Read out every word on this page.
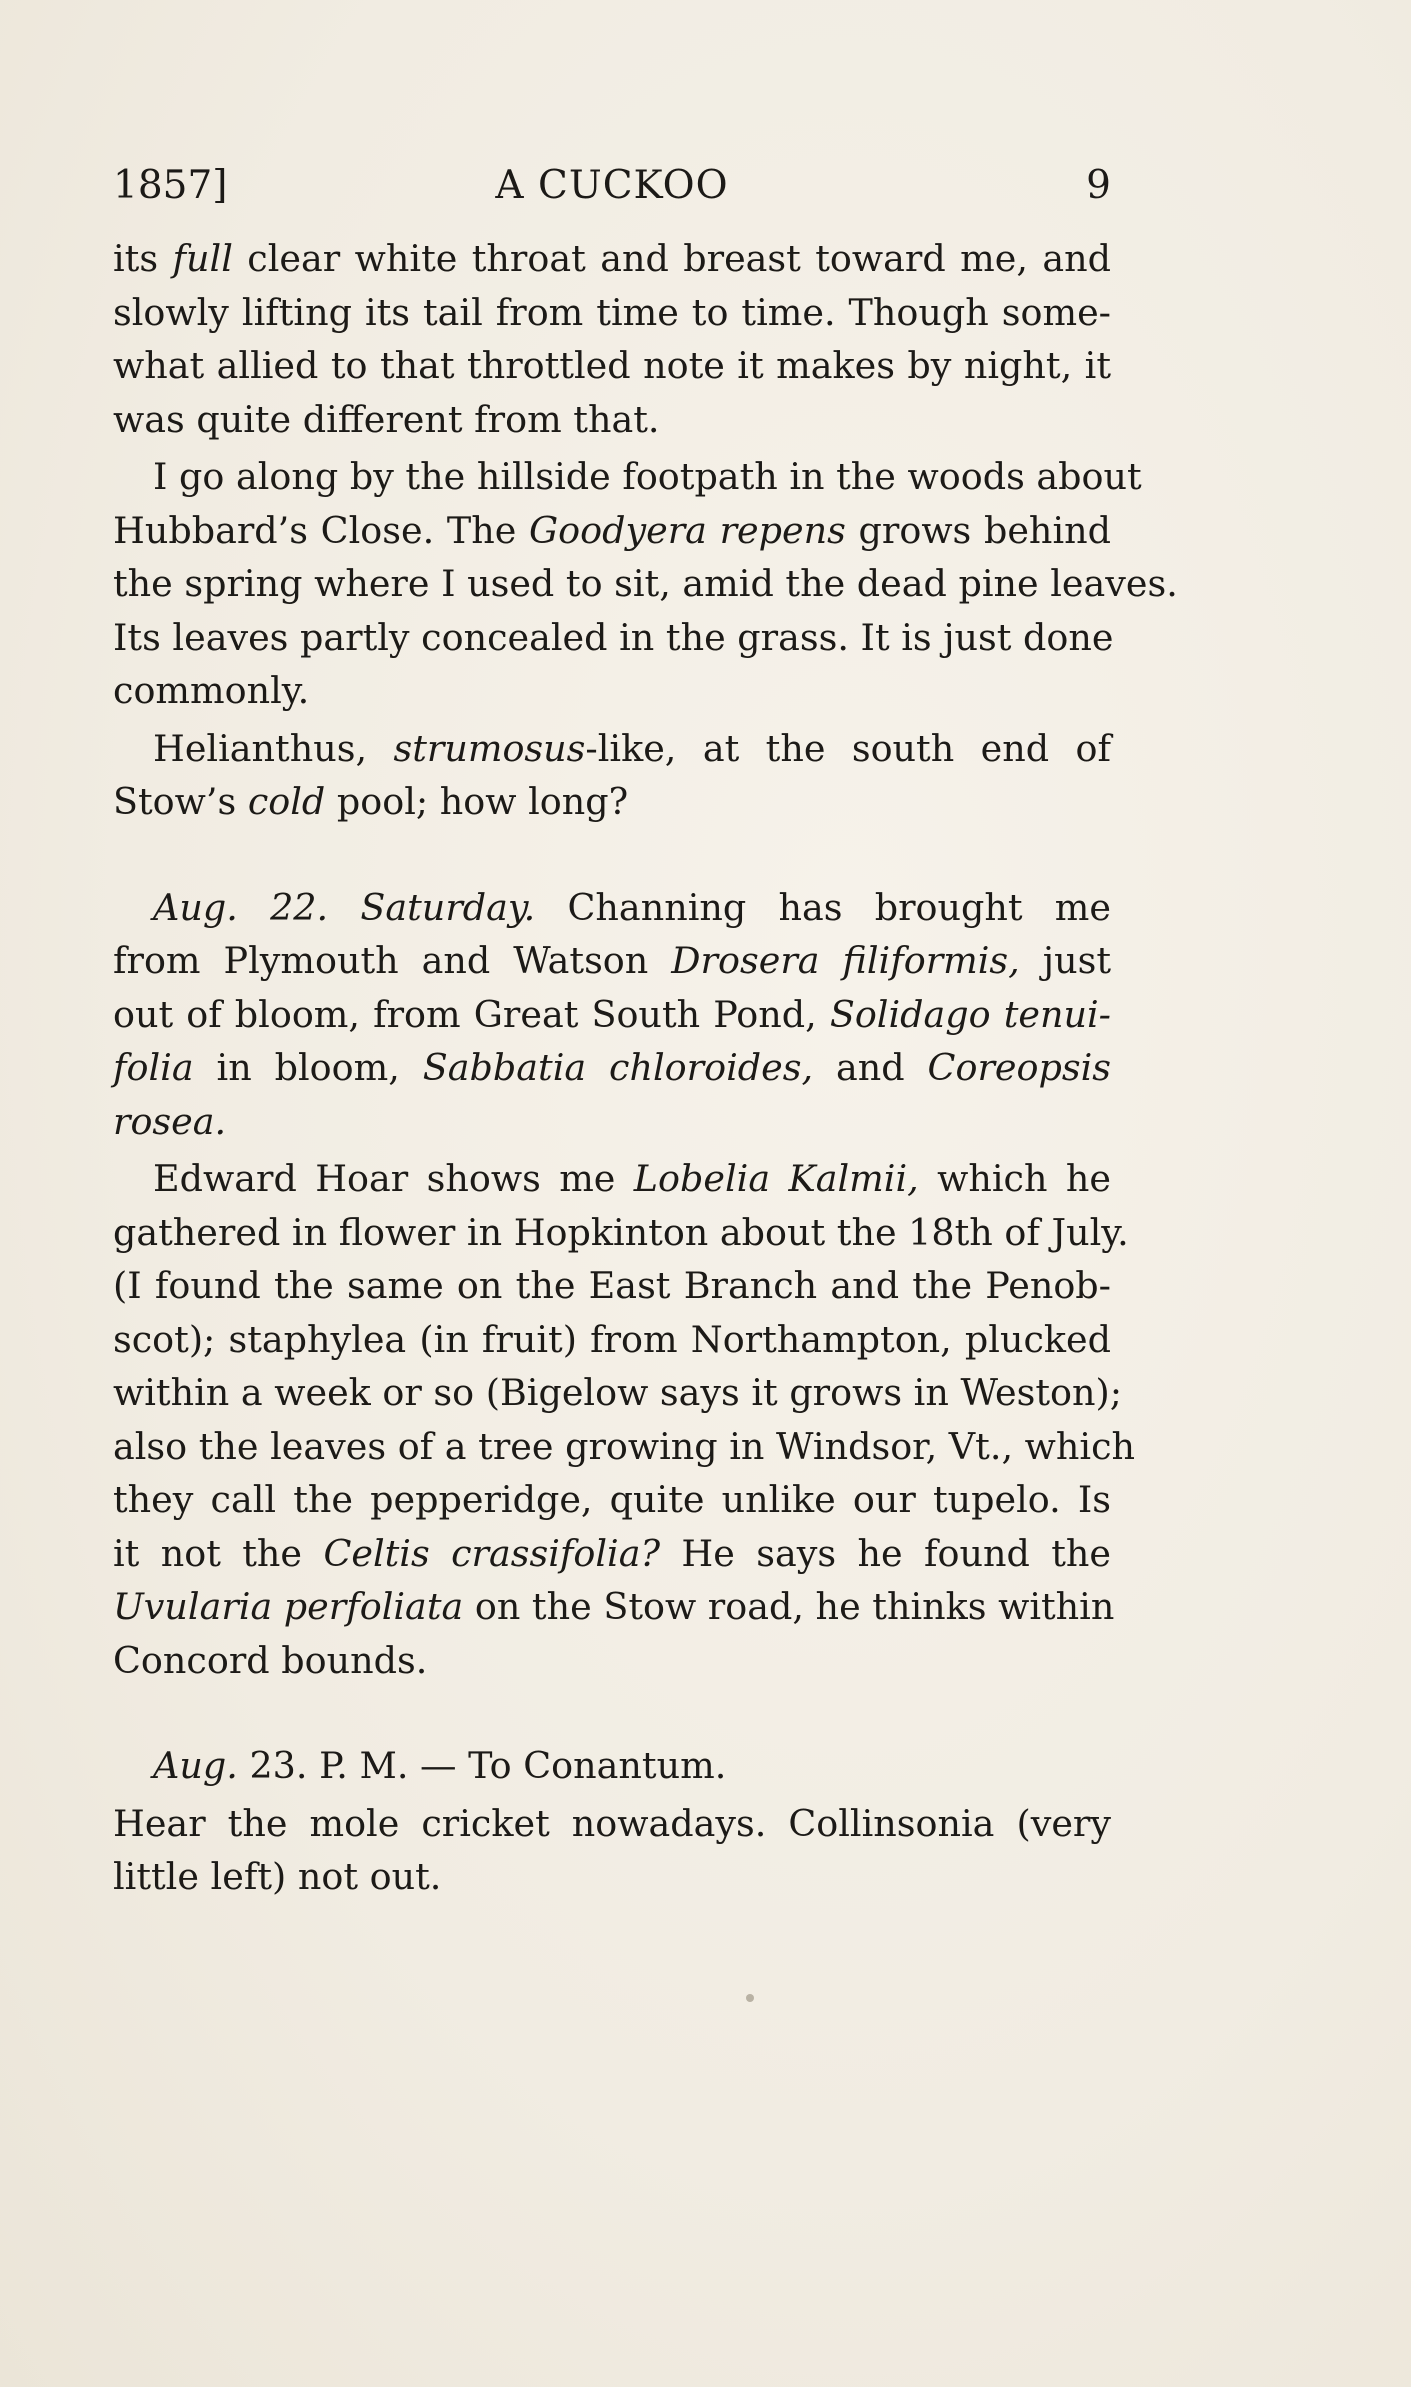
1857]	A CUCKOO	9
its full clear white throat and breast toward me, and
slowly lifting its tail from time to time. Though some-
what allied to that throttled note it makes by night, it
was quite different from that.
I go along by the hillside footpath in the woods about
Hubbard’s Close. The Goodyera repens grows behind
the spring where I used to sit, amid the dead pine leaves.
Its leaves partly concealed in the grass. It is just done
commonly.
Helianthus, strumosus-like, at the south end of
Stow’s cold pool; how long?
Aug. 22. Saturday. Channing has brought me
from Plymouth and Watson Drosera filiformis, just
out of bloom, from Great South Pond, Solidago tenui-
folia in bloom, Sabbatia chloroides, and Coreopsis
rosea.
Edward Hoar shows me Lobelia Kalmii, which he
gathered in flower in Hopkinton about the 18th of July.
(I found the same on the East Branch and the Penob-
scot); staphylea (in fruit) from Northampton, plucked
within a week or so (Bigelow says it grows in Weston);
also the leaves of a tree growing in Windsor, Vt., which
they call the pepperidge, quite unlike our tupelo. Is
it not the Celtis crassifolia? He says he found the
Uvularia perfoliata on the Stow road, he thinks within
Concord bounds.
Aug. 23. P. M. — To Conantum.
Hear the mole cricket nowadays. Collinsonia (very
little left) not out.
